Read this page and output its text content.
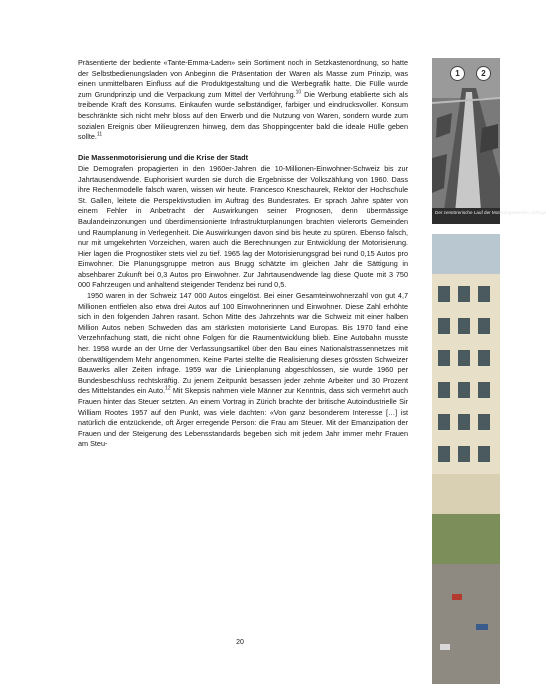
Präsentierte der bediente «Tante-Emma-Laden» sein Sortiment noch in Setzkastenordnung, so hatte der Selbstbedienungsladen von Anbeginn die Präsentation der Waren als Masse zum Prinzip, was einen unmittelbaren Einfluss auf die Produktgestaltung und die Werbegrafik hatte. Die Fülle wurde zum Grundprinzip und die Verpackung zum Mittel der Verführung.$^{10}$ Die Werbung etablierte sich als treibende Kraft des Konsums. Einkaufen wurde selbständiger, farbiger und eindrucksvoller. Konsum beschränkte sich nicht mehr bloss auf den Erwerb und die Nutzung von Waren, sondern wurde zum sozialen Ereignis über Milieugrenzen hinweg, dem das Shoppingcenter bald die ideale Hülle geben sollte.$^{11}$

Die Massenmotorisierung und die Krise der Stadt

Die Demografen propagierten in den 1960er-Jahren die 10-Millionen-Einwohner-Schweiz bis zur Jahrtausendwende. Euphorisiert wurden sie durch die Ergebnisse der Volkszählung von 1960. Dass ihre Rechenmodelle falsch waren, wissen wir heute. Francesco Kneschaurek, Rektor der Hochschule St. Gallen, leitete die Perspektivstudien im Auftrag des Bundesrates. Er sprach Jahre später von einem Fehler in Anbetracht der Auswirkungen seiner Prognosen, denn übermässige Baulandeinzonungen und überdimensionierte Infrastrukturplanungen brachten vielerorts Gemeinden und Raumplanung in Verlegenheit. Die Auswirkungen davon sind bis heute zu spüren. Ebenso falsch, nur mit umgekehrten Vorzeichen, waren auch die Berechnungen zur Entwicklung der Motorisierung. Hier lagen die Prognostiker stets viel zu tief. 1965 lag der Motorisierungsgrad bei rund 0,15 Autos pro Einwohner. Die Planungsgruppe metron aus Brugg schätzte im gleichen Jahr die Sättigung in absehbarer Zukunft bei 0,3 Autos pro Einwohner. Zur Jahrtausendwende lag diese Quote mit 3 750 000 Fahrzeugen und anhaltend steigender Tendenz bei rund 0,5.

1950 waren in der Schweiz 147 000 Autos eingelöst. Bei einer Gesamteinwohnerzahl von gut 4,7 Millionen entfielen also etwa drei Autos auf 100 Einwohnerinnen und Einwohner. Diese Zahl erhöhte sich in den folgenden Jahren rasant. Schon Mitte des Jahrzehnts war die Schweiz mit einer halben Million Autos neben Schweden das am stärksten motorisierte Land Europas. Bis 1970 fand eine Verzehnfachung statt, die nicht ohne Folgen für die Raumentwicklung blieb. Eine Autobahn musste her. 1958 wurde an der Urne der Verfassungsartikel über den Bau eines Nationalstrassennetzes mit überwältigendem Mehr angenommen. Keine Partei stellte die Realisierung dieses grössten Schweizer Bauwerks aller Zeiten infrage. 1959 war die Linienplanung abgeschlossen, sie wurde 1960 per Bundesbeschluss rechtskräftig. Zu jenem Zeitpunkt besassen jeder zehnte Arbeiter und 30 Prozent des Mittelstandes ein Auto.$^{12}$ Mit Skepsis nahmen viele Männer zur Kenntnis, dass sich vermehrt auch Frauen hinter das Steuer setzten. An einem Vortrag in Zürich brachte der britische Autoindustrielle Sir William Rootes 1957 auf den Punkt, was viele dachten: «Von ganz besonderem Interesse […] ist natürlich die entzückende, oft Ärger erregende Person: die Frau am Steuer. Mit der Emanzipation der Frauen und der Steigerung des Lebensstandards begeben sich mit jedem Jahr immer mehr Frauen am Steu-

1	2
Der zerstörerische Lauf der Motorengedanken nicht ge
20
